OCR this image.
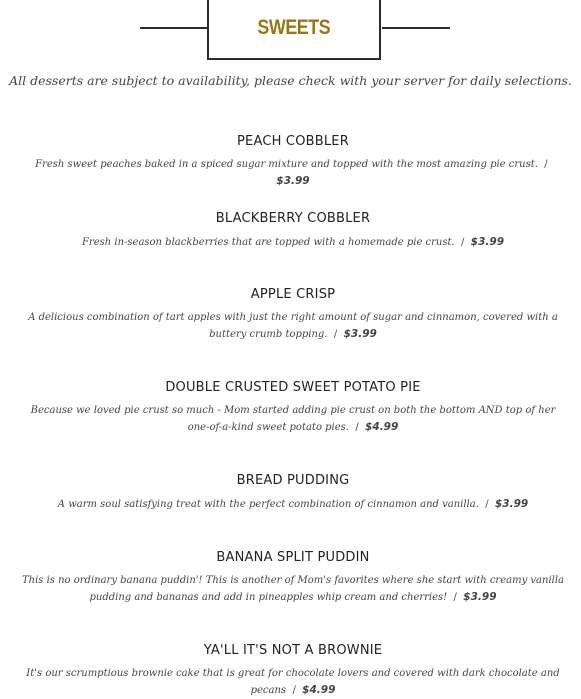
SWEETS
All desserts are subject to availability, please check with your server for daily selections.
PEACH COBBLER
Fresh sweet peaches baked in a spiced sugar mixture and topped with the most amazing pie crust. /  $3.99
BLACKBERRY COBBLER
Fresh in-season blackberries that are topped with a homemade pie crust. / $3.99
APPLE CRISP
A delicious combination of tart apples with just the right amount of sugar and cinnamon, covered with a buttery crumb topping. / $3.99
DOUBLE CRUSTED SWEET POTATO PIE
Because we loved pie crust so much - Mom started adding pie crust on both the bottom AND top of her one-of-a-kind sweet potato pies. / $4.99
BREAD PUDDING
A warm soul satisfying treat with the perfect combination of cinnamon and vanilla. / $3.99
BANANA SPLIT PUDDIN
This is no ordinary banana puddin'! This is another of Mom's favorites where she start with creamy vanilla pudding and bananas and add in pineapples whip cream and cherries! / $3.99
YA'LL IT'S NOT A BROWNIE
It's our scrumptious brownie cake that is great for chocolate lovers and covered with dark chocolate and pecans / $4.99
